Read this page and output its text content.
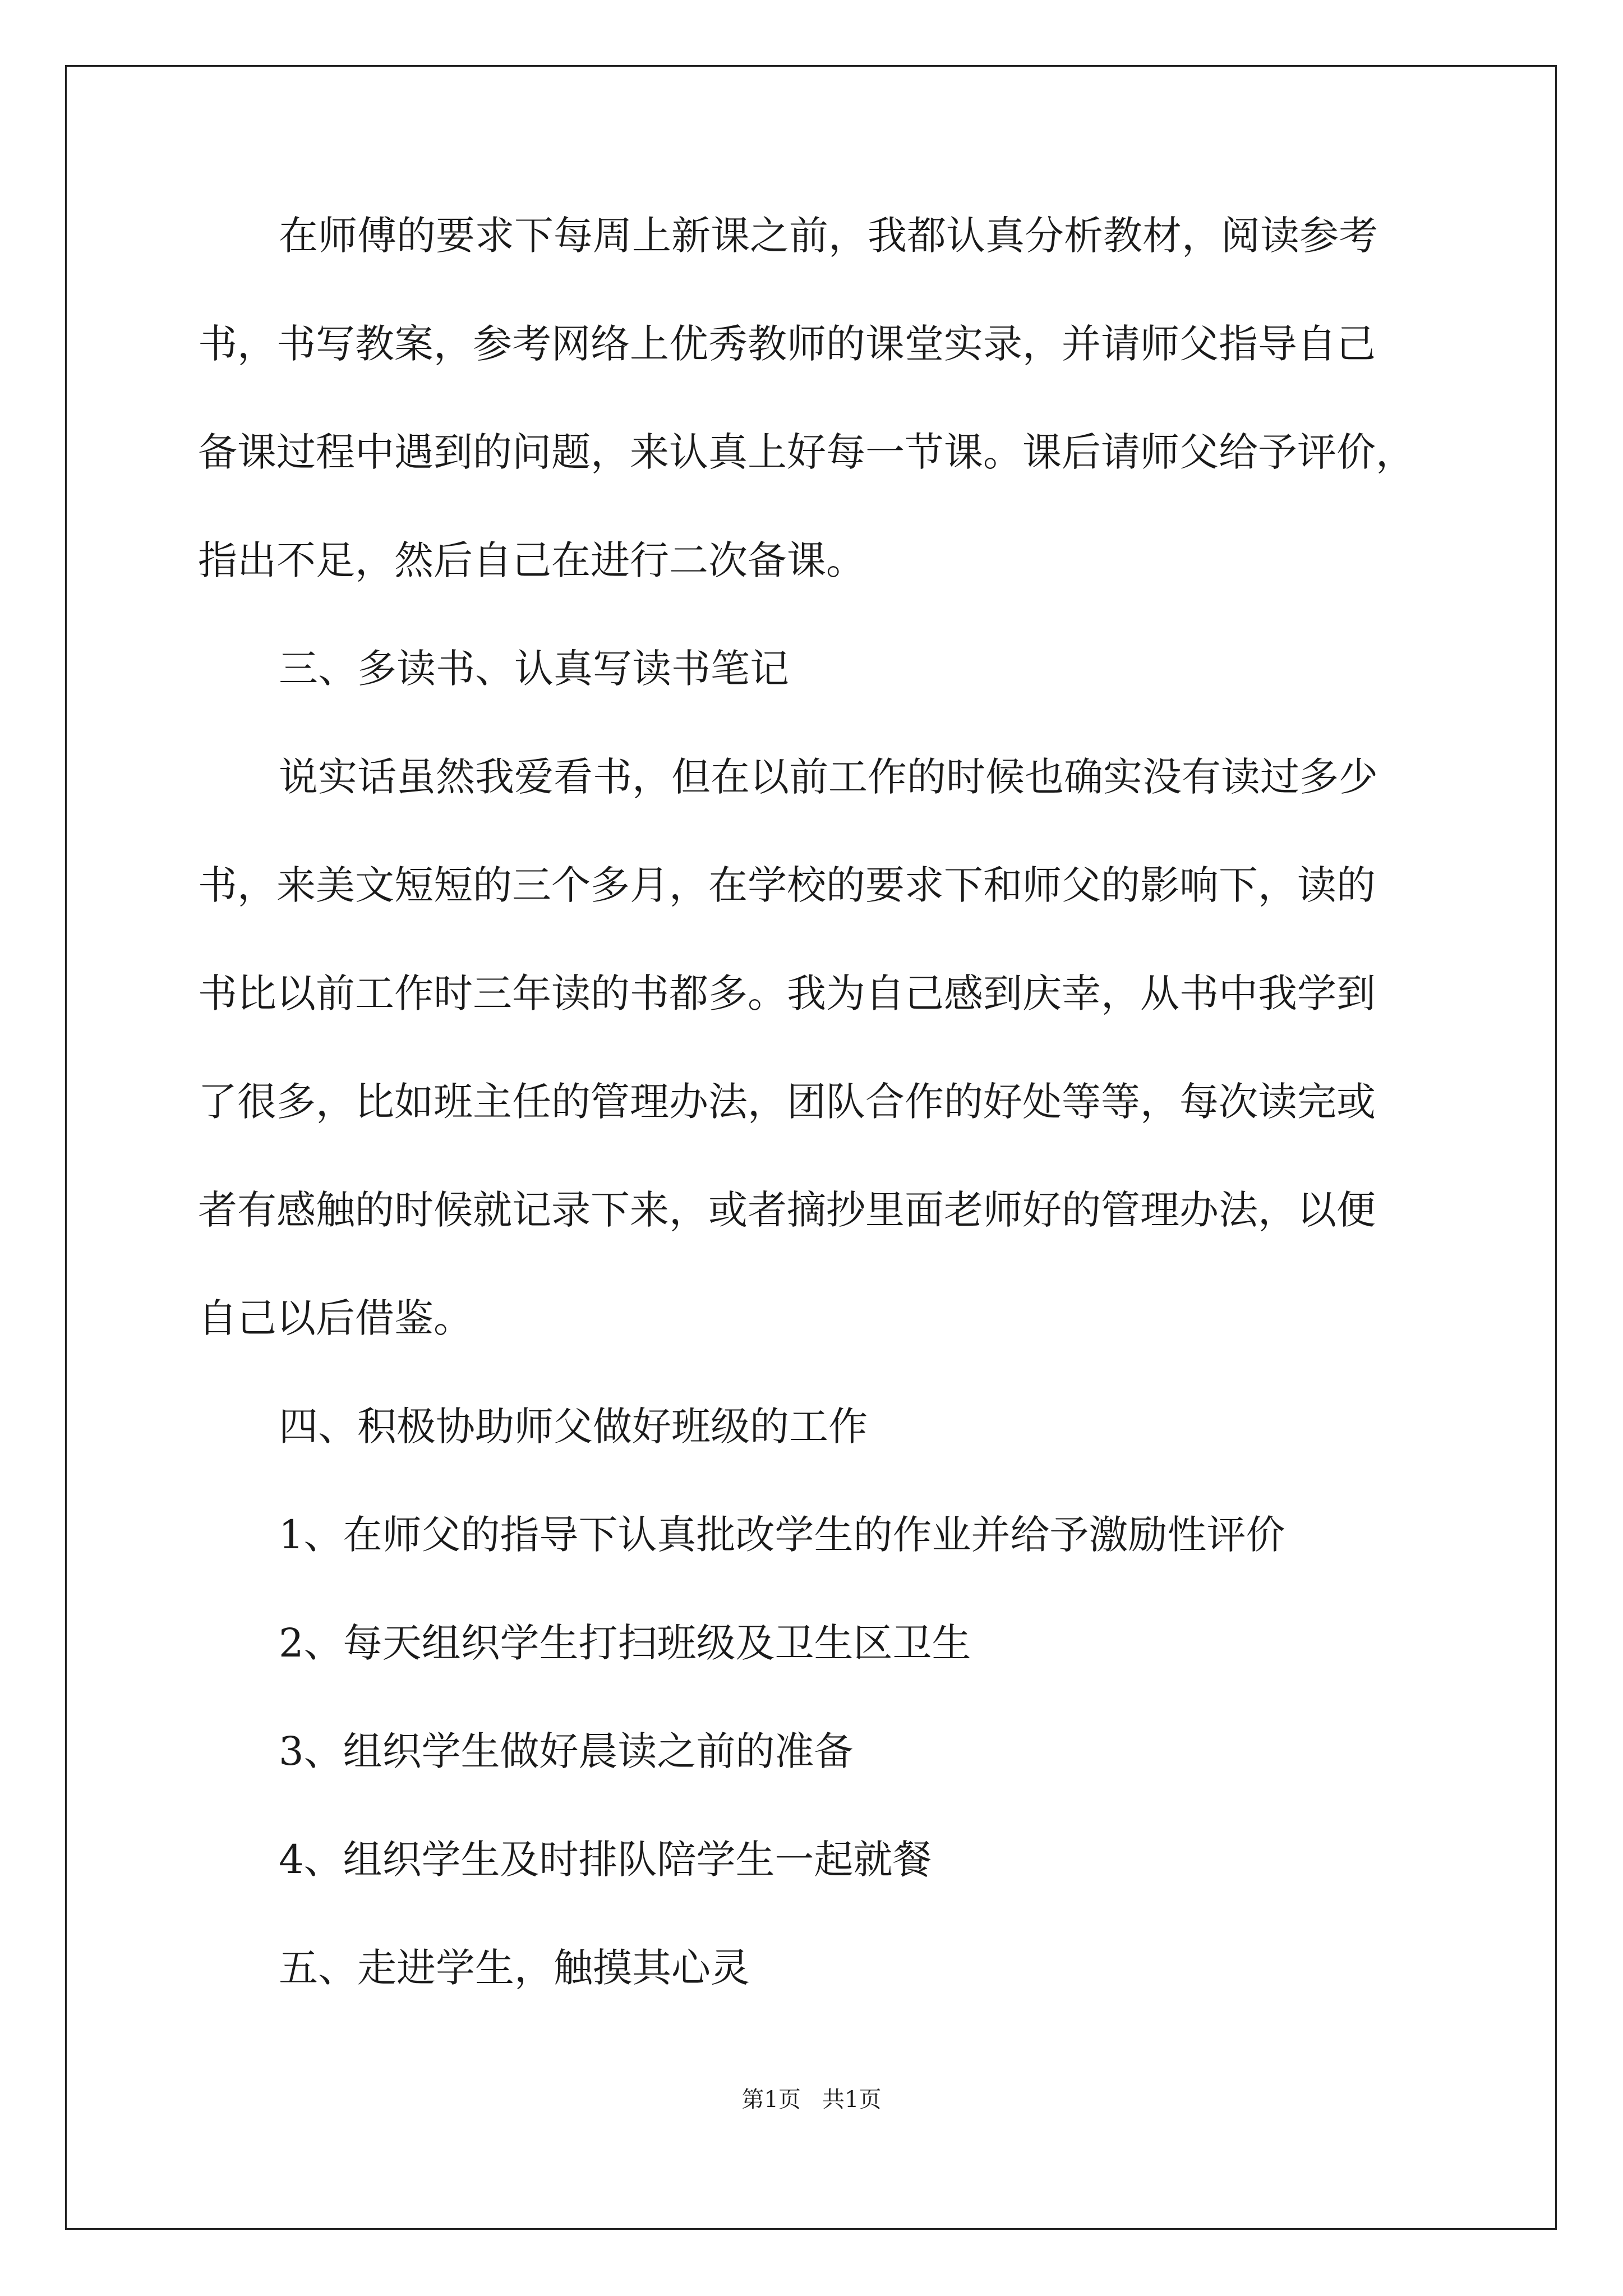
在师傅的要求下每周上新课之前，我都认真分析教材，阅读参考
书，书写教案，参考网络上优秀教师的课堂实录，并请师父指导自己
备课过程中遇到的问题，来认真上好每一节课。课后请师父给予评价，
指出不足，然后自己在进行二次备课。
三、多读书、认真写读书笔记
说实话虽然我爱看书，但在以前工作的时候也确实没有读过多少
书，来美文短短的三个多月，在学校的要求下和师父的影响下，读的
书比以前工作时三年读的书都多。我为自己感到庆幸，从书中我学到
了很多，比如班主任的管理办法，团队合作的好处等等，每次读完或
者有感触的时候就记录下来，或者摘抄里面老师好的管理办法，以便
自己以后借鉴。
四、积极协助师父做好班级的工作
1、在师父的指导下认真批改学生的作业并给予激励性评价
2、每天组织学生打扫班级及卫生区卫生
3、组织学生做好晨读之前的准备
4、组织学生及时排队陪学生一起就餐
五、走进学生，触摸其心灵
第1页   共1页
